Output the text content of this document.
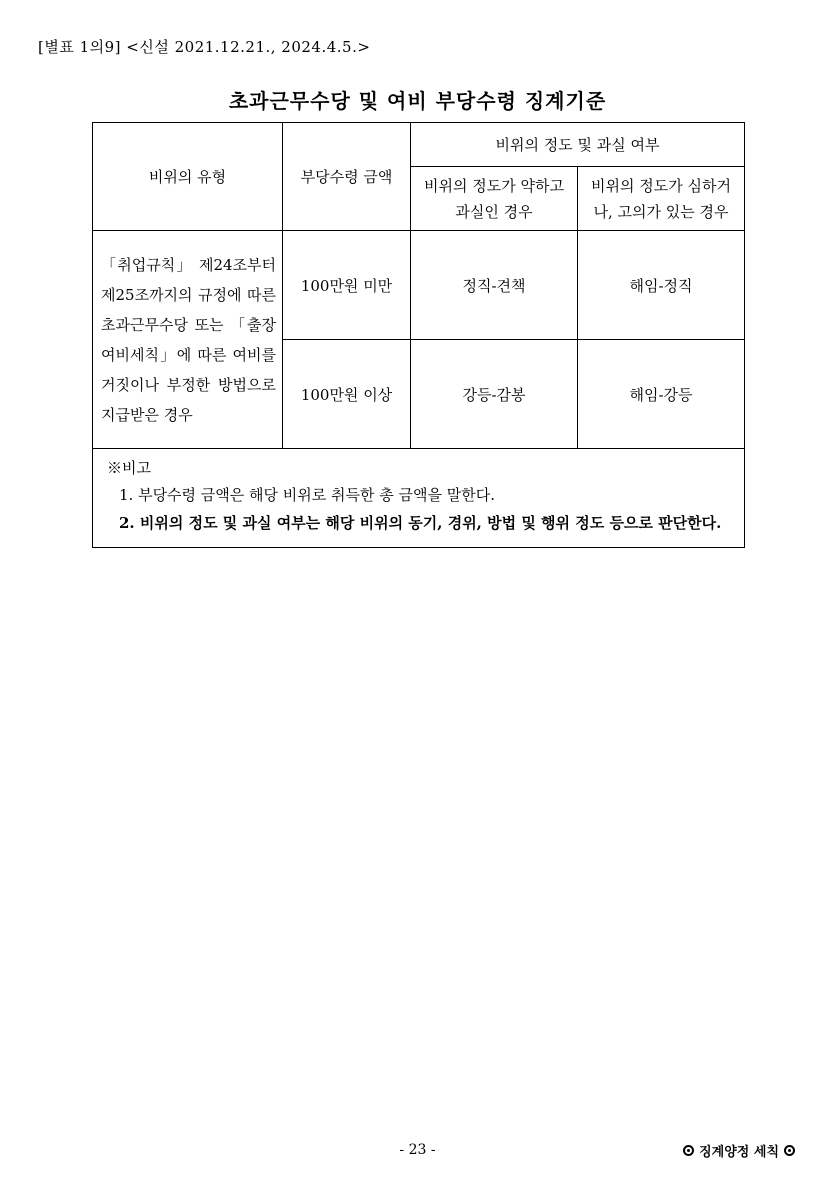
[별표 1의9] <신설 2021.12.21., 2024.4.5.>
초과근무수당 및 여비 부당수령 징계기준
비위의 유형	부당수령 금액	비위의 정도 및 과실 여부	
		비위의 정도가 약하고 과실인 경우	비위의 정도가 심하거나, 고의가 있는 경우
「취업규칙」 제24조부터 제25조까지의 규정에 따른 초과근무수당 또는 「출장여비세칙」에 따른 여비를 거짓이나 부정한 방법으로 지급받은 경우	100만원 미만	정직-견책	해임-정직
	100만원 이상	강등-감봉	해임-강등

※비고
1. 부당수령 금액은 해당 비위로 취득한 총 금액을 말한다.
2. 비위의 정도 및 과실 여부는 해당 비위의 동기, 경위, 방법 및 행위 정도 등으로 판단한다.			
- 23 -	징계양정 세칙
